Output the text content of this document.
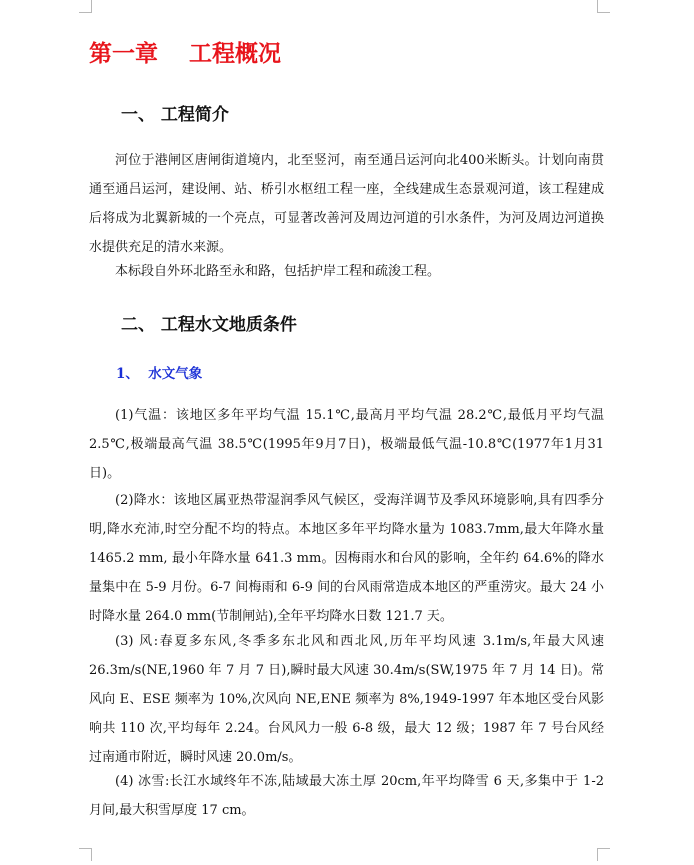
第一章　 工程概况
一、 工程简介

河位于港闸区唐闸街道境内，北至竖河，南至通吕运河向北400米断头。计划向南贯通至通吕运河，建设闸、站、桥引水枢纽工程一座，全线建成生态景观河道，该工程建成后将成为北翼新城的一个亮点，可显著改善河及周边河道的引水条件，为河及周边河道换水提供充足的清水来源。

本标段自外环北路至永和路，包括护岸工程和疏浚工程。

二、 工程水文地质条件
1、  水文气象

(1)气温：该地区多年平均气温 15.1℃,最高月平均气温 28.2℃,最低月平均气温 2.5℃,极端最高气温 38.5℃(1995年9月7日)，极端最低气温-10.8℃(1977年1月31日)。

(2)降水：该地区属亚热带湿润季风气候区，受海洋调节及季风环境影响,具有四季分明,降水充沛,时空分配不均的特点。本地区多年平均降水量为 1083.7mm,最大年降水量 1465.2 mm, 最小年降水量 641.3 mm。因梅雨水和台风的影响，全年约 64.6%的降水量集中在 5-9 月份。6-7 间梅雨和 6-9 间的台风雨常造成本地区的严重涝灾。最大 24 小时降水量 264.0 mm(节制闸站),全年平均降水日数 121.7 天。

(3) 风:春夏多东风,冬季多东北风和西北风,历年平均风速 3.1m/s,年最大风速 26.3m/s(NE,1960 年 7 月 7 日),瞬时最大风速 30.4m/s(SW,1975 年 7 月 14 日)。常风向 E、ESE 频率为 10%,次风向 NE,ENE 频率为 8%,1949-1997 年本地区受台风影响共 110 次,平均每年 2.24。台风风力一般 6-8 级，最大 12 级；1987 年 7 号台风经过南通市附近，瞬时风速 20.0m/s。

(4) 冰雪:长江水域终年不冻,陆域最大冻土厚 20cm,年平均降雪 6 天,多集中于 1-2 月间,最大积雪厚度 17 cm。
